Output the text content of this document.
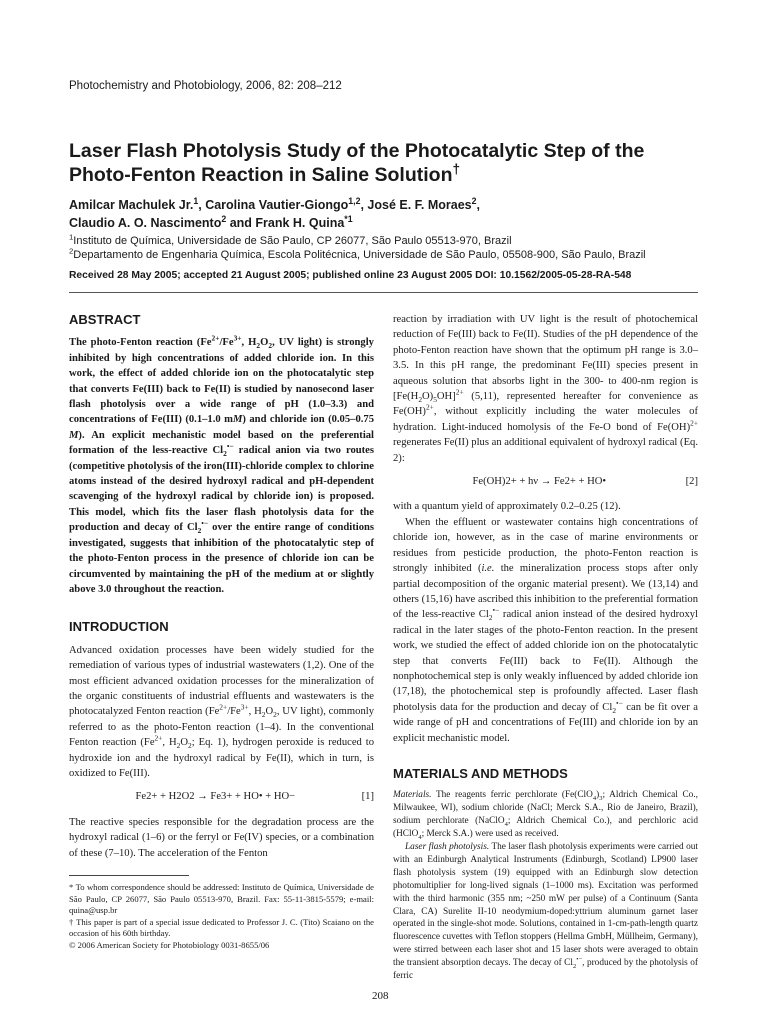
Photochemistry and Photobiology, 2006, 82: 208–212
Laser Flash Photolysis Study of the Photocatalytic Step of the Photo-Fenton Reaction in Saline Solution†
Amilcar Machulek Jr.$^1$, Carolina Vautier-Giongo$^{1,2}$, José E. F. Moraes$^2$,
Claudio A. O. Nascimento$^2$ and Frank H. Quina$^{*1}$
$^1$Instituto de Química, Universidade de São Paulo, CP 26077, São Paulo 05513-970, Brazil
$^2$Departamento de Engenharia Química, Escola Politécnica, Universidade de São Paulo, 05508-900, São Paulo, Brazil
Received 28 May 2005; accepted 21 August 2005; published online 23 August 2005 DOI: 10.1562/2005-05-28-RA-548
ABSTRACT

The photo-Fenton reaction ($Fe^{2+}/Fe^{3+}$, $H_2O_2$, UV light) is strongly inhibited by high concentrations of added chloride ion. In this work, the effect of added chloride ion on the photocatalytic step that converts Fe(III) back to Fe(II) is studied by nanosecond laser flash photolysis over a wide range of pH (1.0–3.3) and concentrations of Fe(III) (0.1–1.0 mM) and chloride ion (0.05–0.75 M). An explicit mechanistic model based on the preferential formation of the less-reactive $Cl_2^{•-}$ radical anion via two routes (competitive photolysis of the iron(III)-chloride complex to chlorine atoms instead of the desired hydroxyl radical and pH-dependent scavenging of the hydroxyl radical by chloride ion) is proposed. This model, which fits the laser flash photolysis data for the production and decay of $Cl_2^{•-}$ over the entire range of conditions investigated, suggests that inhibition of the photocatalytic step of the photo-Fenton process in the presence of chloride ion can be circumvented by maintaining the pH of the medium at or slightly above 3.0 throughout the reaction.

INTRODUCTION

Advanced oxidation processes have been widely studied for the remediation of various types of industrial wastewaters (1,2). One of the most efficient advanced oxidation processes for the mineralization of the organic constituents of industrial effluents and wastewaters is the photocatalyzed Fenton reaction ($Fe^{2+}/Fe^{3+}$, $H_2O_2$, UV light), commonly referred to as the photo-Fenton reaction (1–4). In the conventional Fenton reaction ($Fe^{2+}$, $H_2O_2$; Eq. 1), hydrogen peroxide is reduced to hydroxide ion and the hydroxyl radical by Fe(II), which in turn, is oxidized to Fe(III).

Fe2+ + H2O2 → Fe3+ + HO• + HO−	[1]

The reactive species responsible for the degradation process are the hydroxyl radical (1–6) or the ferryl or Fe(IV) species, or a combination of these (7–10). The acceleration of the Fenton

* To whom correspondence should be addressed: Instituto de Química, Universidade de São Paulo, CP 26077, São Paulo 05513-970, Brazil. Fax: 55-11-3815-5579; e-mail: quina@usp.br
† This paper is part of a special issue dedicated to Professor J. C. (Tito) Scaiano on the occasion of his 60th birthday.
© 2006 American Society for Photobiology 0031-8655/06

reaction by irradiation with UV light is the result of photochemical reduction of Fe(III) back to Fe(II). Studies of the pH dependence of the photo-Fenton reaction have shown that the optimum pH range is 3.0–3.5. In this pH range, the predominant Fe(III) species present in aqueous solution that absorbs light in the 300- to 400-nm region is $[Fe(H_2O)_5OH]^{2+}$ (5,11), represented hereafter for convenience as Fe(OH)$^{2+}$, without explicitly including the water molecules of hydration. Light-induced homolysis of the Fe-O bond of Fe(OH)$^{2+}$ regenerates Fe(II) plus an additional equivalent of hydroxyl radical (Eq. 2):

Fe(OH)2+ + hν → Fe2+ + HO•	[2]

with a quantum yield of approximately 0.2–0.25 (12).

When the effluent or wastewater contains high concentrations of chloride ion, however, as in the case of marine environments or residues from pesticide production, the photo-Fenton reaction is strongly inhibited (i.e. the mineralization process stops after only partial decomposition of the organic material present). We (13,14) and others (15,16) have ascribed this inhibition to the preferential formation of the less-reactive $Cl_2^{•-}$ radical anion instead of the desired hydroxyl radical in the later stages of the photo-Fenton reaction. In the present work, we studied the effect of added chloride ion on the photocatalytic step that converts Fe(III) back to Fe(II). Although the nonphotochemical step is only weakly influenced by added chloride ion (17,18), the photochemical step is profoundly affected. Laser flash photolysis data for the production and decay of $Cl_2^{•-}$ can be fit over a wide range of pH and concentrations of Fe(III) and chloride ion by an explicit mechanistic model.

MATERIALS AND METHODS

Materials. The reagents ferric perchlorate ($Fe(ClO_4)_3$; Aldrich Chemical Co., Milwaukee, WI), sodium chloride (NaCl; Merck S.A., Rio de Janeiro, Brazil), sodium perchlorate (NaClO$_4$; Aldrich Chemical Co.), and perchloric acid (HClO$_4$; Merck S.A.) were used as received.

Laser flash photolysis. The laser flash photolysis experiments were carried out with an Edinburgh Analytical Instruments (Edinburgh, Scotland) LP900 laser flash photolysis system (19) equipped with an Edinburgh slow detection photomultiplier for long-lived signals (1–1000 ms). Excitation was performed with the third harmonic (355 nm; ~250 mW per pulse) of a Continuum (Santa Clara, CA) Surelite II-10 neodymium-doped:yttrium aluminum garnet laser operated in the single-shot mode. Solutions, contained in 1-cm-path-length quartz fluorescence cuvettes with Teflon stoppers (Hellma GmbH, Müllheim, Germany), were stirred between each laser shot and 15 laser shots were averaged to obtain the transient absorption decays. The decay of $Cl_2^{•-}$, produced by the photolysis of ferric

208
